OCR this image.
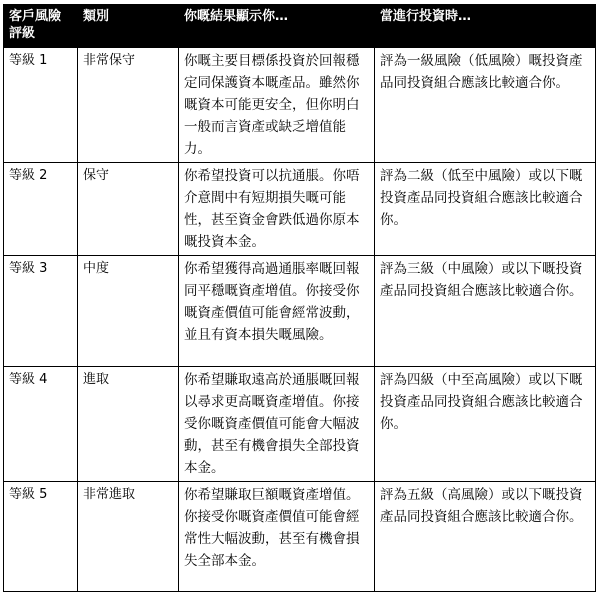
客戶風險評級	類別	你嘅結果顯示你…	當進行投資時…
等級 1	非常保守	你嘅主要目標係投資於回報穩定同保護資本嘅產品。雖然你嘅資本可能更安全，但你明白一般而言資產或缺乏增值能力。	評為一級風險（低風險）嘅投資產品同投資組合應該比較適合你。
等級 2	保守	你希望投資可以抗通脹。你唔介意間中有短期損失嘅可能性，甚至資金會跌低過你原本嘅投資本金。	評為二級（低至中風險）或以下嘅投資產品同投資組合應該比較適合你。
等級 3	中度	你希望獲得高過通脹率嘅回報同平穩嘅資產增值。你接受你嘅資產價值可能會經常波動，並且有資本損失嘅風險。	評為三級（中風險）或以下嘅投資產品同投資組合應該比較適合你。
等級 4	進取	你希望賺取遠高於通脹嘅回報以尋求更高嘅資產增值。你接受你嘅資產價值可能會大幅波動，甚至有機會損失全部投資本金。	評為四級（中至高風險）或以下嘅投資產品同投資組合應該比較適合你。
等級 5	非常進取	你希望賺取巨額嘅資產增值。你接受你嘅資產價值可能會經常性大幅波動，甚至有機會損失全部本金。	評為五級（高風險）或以下嘅投資產品同投資組合應該比較適合你。
